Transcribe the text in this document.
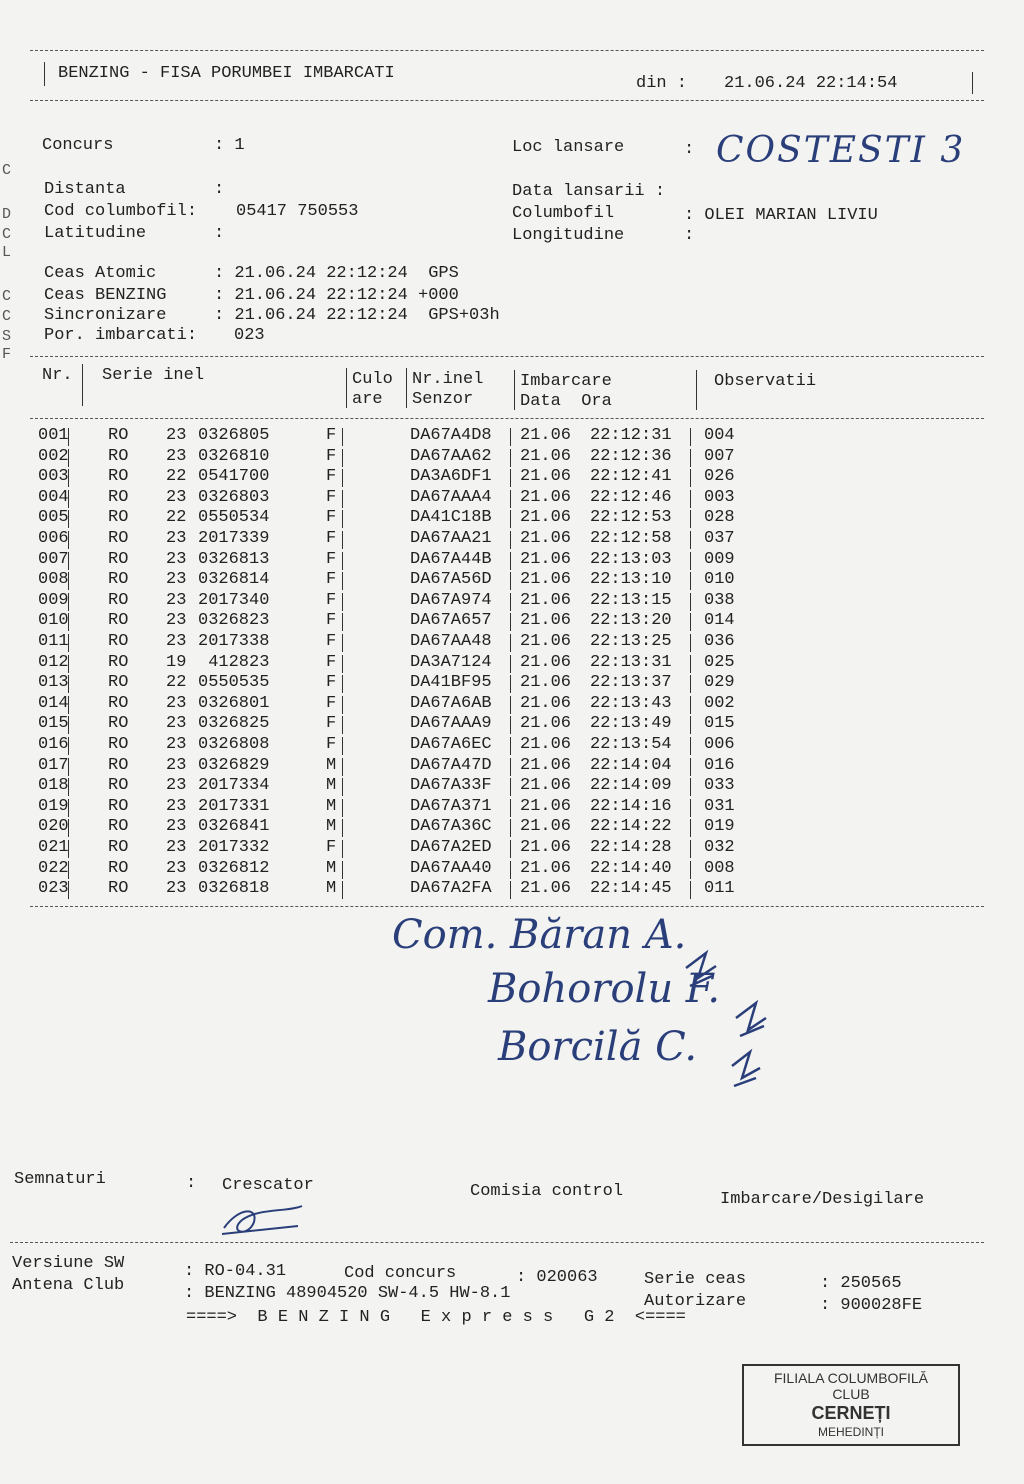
BENZING - FISA PORUMBEI IMBARCATI
din : 21.06.24 22:14:54
C
D
C
L
C
C
S
F
Concurs	: 1
Distanta	:
Cod columbofil: 05417 750553
Latitudine	:
Loc lansare	: COSTESTI 3
Data lansarii :
Columbofil	: OLEI MARIAN LIVIU
Longitudine	:
Ceas Atomic	: 21.06.24 22:12:24  GPS
Ceas BENZING	: 21.06.24 22:12:24 +000
Sincronizare	: 21.06.24 22:12:24  GPS+03h
Por. imbarcati: 023
Nr. Serie inel	Culo
are
Nr.inel
Senzor
Imbarcare
Data  Ora
Observatii
001 RO 23 0326805	F	DA67A4D8 21.06 22:12:31 004
002 RO 23 0326810	F	DA67AA62 21.06 22:12:36 007
003 RO 22 0541700	F	DA3A6DF1 21.06 22:12:41 026
004 RO 23 0326803	F	DA67AAA4 21.06 22:12:46 003
005 RO 22 0550534	F	DA41C18B 21.06 22:12:53 028
006 RO 23 2017339	F	DA67AA21 21.06 22:12:58 037
007 RO 23 0326813	F	DA67A44B 21.06 22:13:03 009
008 RO 23 0326814	F	DA67A56D 21.06 22:13:10 010
009 RO 23 2017340	F	DA67A974 21.06 22:13:15 038
010 RO 23 0326823	F	DA67A657 21.06 22:13:20 014
011 RO 23 2017338	F	DA67AA48 21.06 22:13:25 036
012 RO 19 412823	F	DA3A7124 21.06 22:13:31 025
013 RO 22 0550535	F	DA41BF95 21.06 22:13:37 029
014 RO 23 0326801	F	DA67A6AB 21.06 22:13:43 002
015 RO 23 0326825	F	DA67AAA9 21.06 22:13:49 015
016 RO 23 0326808	F	DA67A6EC 21.06 22:13:54 006
017 RO 23 0326829	M	DA67A47D 21.06 22:14:04 016
018 RO 23 2017334	M	DA67A33F 21.06 22:14:09 033
019 RO 23 2017331	M	DA67A371 21.06 22:14:16 031
020 RO 23 0326841	M	DA67A36C 21.06 22:14:22 019
021 RO 23 2017332	F	DA67A2ED 21.06 22:14:28 032
022 RO 23 0326812	M	DA67AA40 21.06 22:14:40 008
023 RO 23 0326818	M	DA67A2FA 21.06 22:14:45 011
Com. Băran A.
Bohorolu F.
Borcilă C.
Semnaturi	: Crescator	Comisia control	Imbarcare/Desigilare
Versiune SW	: RO-04.31	Cod concurs	: 020063	Serie ceas	: 250565
Antena Club	: BENZING 48904520 SW-4.5 HW-8.1	Autorizare	: 900028FE
====>  B E N Z I N G   E x p r e s s   G 2  <====
FILIALA COLUMBOFILĂ
CLUB
CERNEȚI
MEHEDINȚI
